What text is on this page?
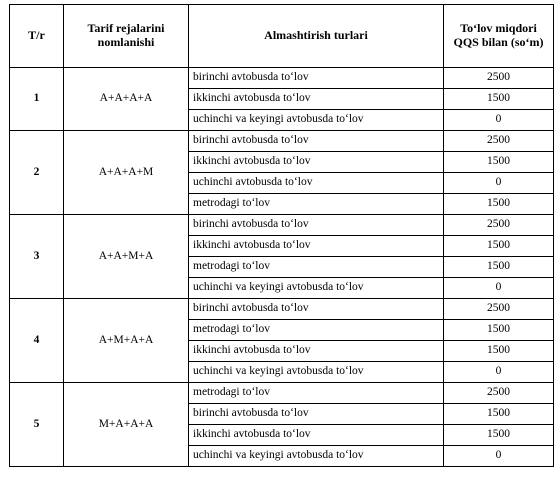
T/r	Tarif rejalarini nomlanishi	Almashtirish turlari	To‘lov miqdori QQS bilan (so‘m)
1	A+A+A+A	birinchi avtobusda to‘lov	2500
		ikkinchi avtobusda to‘lov	1500
		uchinchi va keyingi avtobusda to‘lov	0
2	A+A+A+M	birinchi avtobusda to‘lov	2500
		ikkinchi avtobusda to‘lov	1500
		uchinchi avtobusda to‘lov	0
		metrodagi to‘lov	1500
3	A+A+M+A	birinchi avtobusda to‘lov	2500
		ikkinchi avtobusda to‘lov	1500
		metrodagi to‘lov	1500
		uchinchi va keyingi avtobusda to‘lov	0
4	A+M+A+A	birinchi avtobusda to‘lov	2500
		metrodagi to‘lov	1500
		ikkinchi avtobusda to‘lov	1500
		uchinchi va keyingi avtobusda to‘lov	0
5	M+A+A+A	metrodagi to‘lov	2500
		birinchi avtobusda to‘lov	1500
		ikkinchi avtobusda to‘lov	1500
		uchinchi va keyingi avtobusda to‘lov	0
